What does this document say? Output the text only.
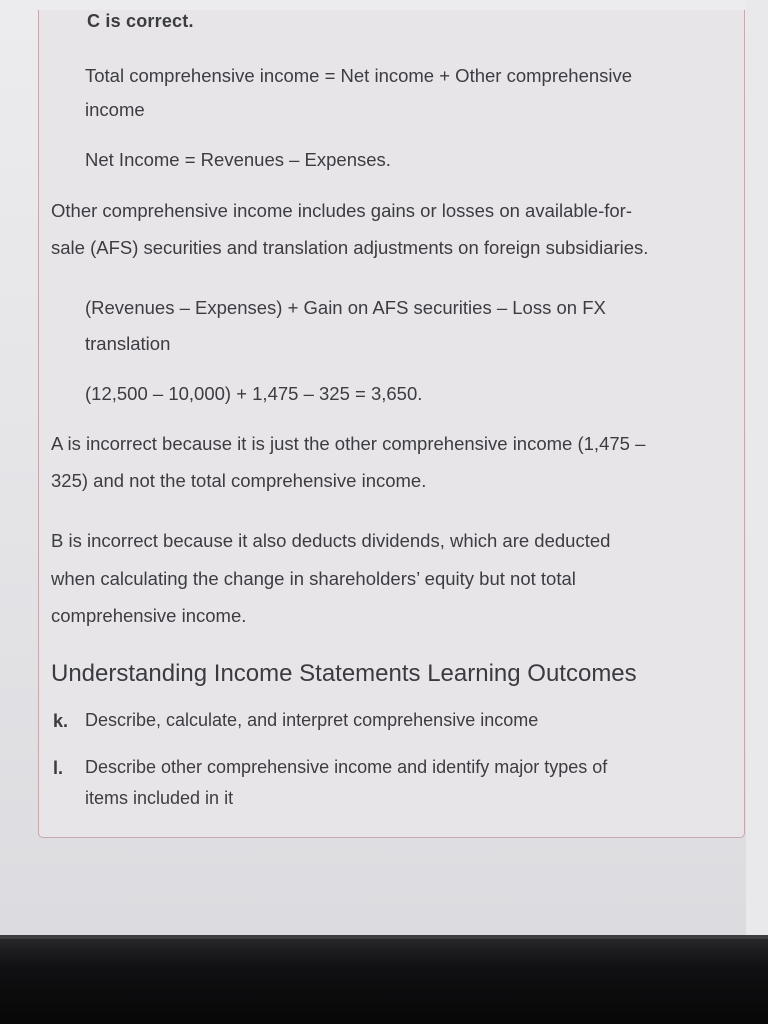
C is correct.
Total comprehensive income = Net income + Other comprehensive
income
Net Income = Revenues – Expenses.
Other comprehensive income includes gains or losses on available-for-
sale (AFS) securities and translation adjustments on foreign subsidiaries.
(Revenues – Expenses) + Gain on AFS securities – Loss on FX
translation
(12,500 – 10,000) + 1,475 – 325 = 3,650.
A is incorrect because it is just the other comprehensive income (1,475 –
325) and not the total comprehensive income.
B is incorrect because it also deducts dividends, which are deducted
when calculating the change in shareholders’ equity but not total
comprehensive income.
Understanding Income Statements Learning Outcomes
k. Describe, calculate, and interpret comprehensive income
l. Describe other comprehensive income and identify major types of
items included in it
